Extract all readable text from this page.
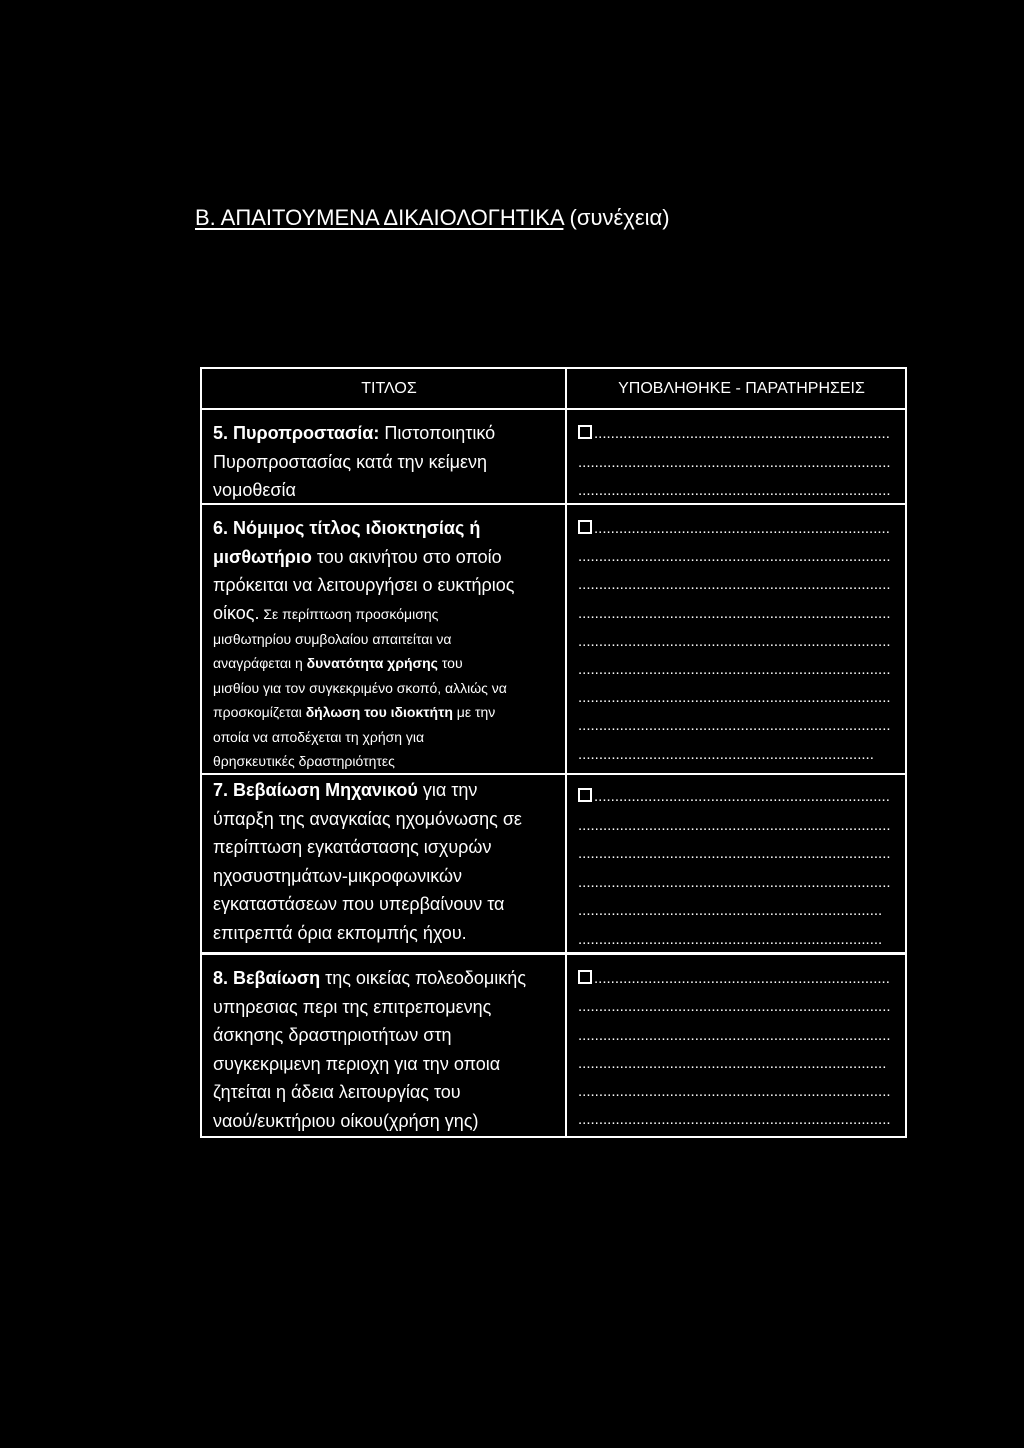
Β. ΑΠΑΙΤΟΥΜΕΝΑ ΔΙΚΑΙΟΛΟΓΗΤΙΚΑ (συνέχεια)
ΤΙΤΛΟΣ	ΥΠΟΒΛΗΘΗΚΕ - ΠΑΡΑΤΗΡΗΣΕΙΣ
5. Πυροπροστασία: Πιστοποιητικό
Πυροπροστασίας κατά την κείμενη
νομοθεσία
.......................................................................
...........................................................................
...........................................................................
6. Νόμιμος τίτλος ιδιοκτησίας ή
μισθωτήριο του ακινήτου στο οποίο
πρόκειται να λειτουργήσει ο ευκτήριος
οίκος. Σε περίπτωση προσκόμισης
μισθωτηρίου συμβολαίου απαιτείται να
αναγράφεται η δυνατότητα χρήσης του
μισθίου για τον συγκεκριμένο σκοπό, αλλιώς να
προσκομίζεται δήλωση του ιδιοκτήτη με την
οποία να αποδέχεται τη χρήση για
θρησκευτικές δραστηριότητες
.......................................................................
...........................................................................
...........................................................................
...........................................................................
...........................................................................
...........................................................................
...........................................................................
...........................................................................
.......................................................................
7. Βεβαίωση Μηχανικού για την
ύπαρξη της αναγκαίας ηχομόνωσης σε
περίπτωση εγκατάστασης ισχυρών
ηχοσυστημάτων-μικροφωνικών
εγκαταστάσεων που υπερβαίνουν τα
επιτρεπτά όρια εκπομπής ήχου.
.......................................................................
...........................................................................
...........................................................................
...........................................................................
.........................................................................
.........................................................................
8. Βεβαίωση της οικείας πολεοδομικής
υπηρεσιας περι της επιτρεπομενης
άσκησης δραστηριοτήτων στη
συγκεκριμενη περιοχη για την οποια
ζητείται η άδεια λειτουργίας του
ναού/ευκτήριου οίκου(χρήση γης)
.......................................................................
...........................................................................
...........................................................................
..........................................................................
...........................................................................
...........................................................................
